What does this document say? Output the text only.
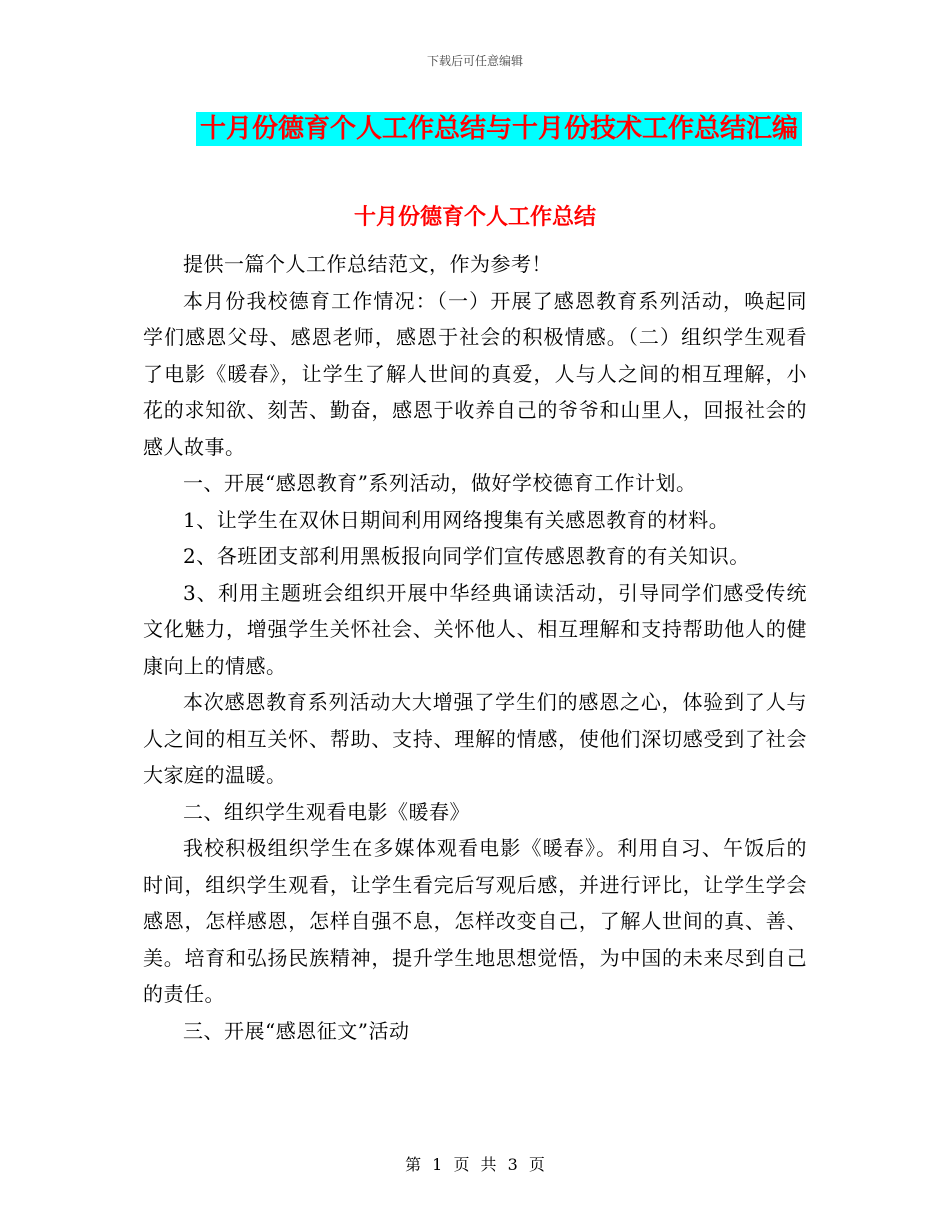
下载后可任意编辑
十月份德育个人工作总结与十月份技术工作总结汇编
十月份德育个人工作总结

提供一篇个人工作总结范文，作为参考！

本月份我校德育工作情况：（一）开展了感恩教育系列活动，唤起同学们感恩父母、感恩老师，感恩于社会的积极情感。（二）组织学生观看了电影《暖春》，让学生了解人世间的真爱，人与人之间的相互理解，小花的求知欲、刻苦、勤奋，感恩于收养自己的爷爷和山里人，回报社会的感人故事。

一、开展“感恩教育”系列活动，做好学校德育工作计划。

1、让学生在双休日期间利用网络搜集有关感恩教育的材料。

2、各班团支部利用黑板报向同学们宣传感恩教育的有关知识。

3、利用主题班会组织开展中华经典诵读活动，引导同学们感受传统文化魅力，增强学生关怀社会、关怀他人、相互理解和支持帮助他人的健康向上的情感。

本次感恩教育系列活动大大增强了学生们的感恩之心，体验到了人与人之间的相互关怀、帮助、支持、理解的情感，使他们深切感受到了社会大家庭的温暖。

二、组织学生观看电影《暖春》

我校积极组织学生在多媒体观看电影《暖春》。利用自习、午饭后的时间，组织学生观看，让学生看完后写观后感，并进行评比，让学生学会感恩，怎样感恩，怎样自强不息，怎样改变自己，了解人世间的真、善、美。培育和弘扬民族精神，提升学生地思想觉悟，为中国的未来尽到自己的责任。

三、开展“感恩征文”活动

第 1 页 共 3 页
